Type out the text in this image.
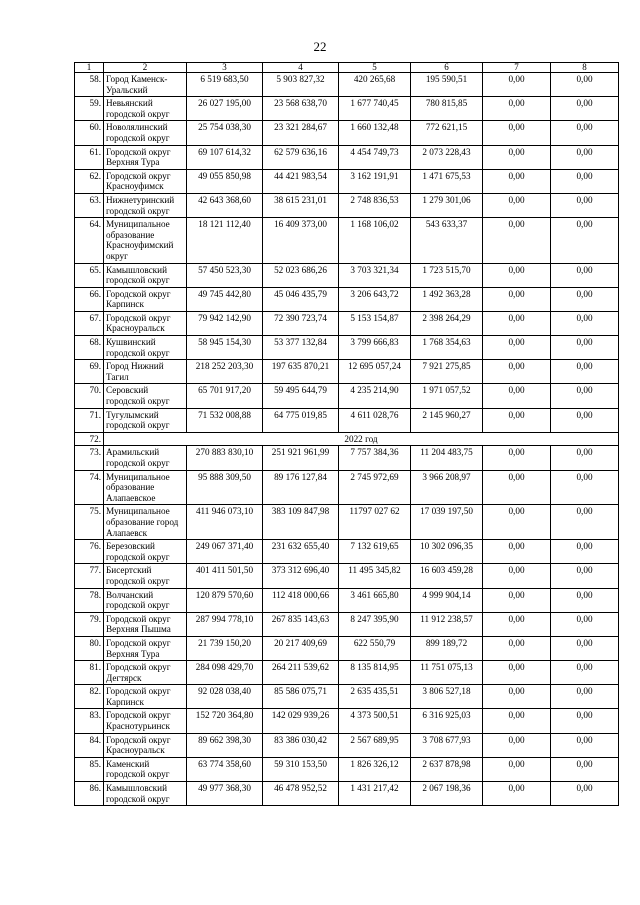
22
1	2	3	4	5	6	7	8
58.	Город Каменск-Уральский	6 519 683,50	5 903 827,32	420 265,68	195 590,51	0,00	0,00
59.	Невьянский городской округ	26 027 195,00	23 568 638,70	1 677 740,45	780 815,85	0,00	0,00
60.	Новолялинский городской округ	25 754 038,30	23 321 284,67	1 660 132,48	772 621,15	0,00	0,00
61.	Городской округ Верхняя Тура	69 107 614,32	62 579 636,16	4 454 749,73	2 073 228,43	0,00	0,00
62.	Городской округ Красноуфимск	49 055 850,98	44 421 983,54	3 162 191,91	1 471 675,53	0,00	0,00
63.	Нижнетуринский городской округ	42 643 368,60	38 615 231,01	2 748 836,53	1 279 301,06	0,00	0,00
64.	Муниципальное образование Красноуфимский округ	18 121 112,40	16 409 373,00	1 168 106,02	543 633,37	0,00	0,00
65.	Камышловский городской округ	57 450 523,30	52 023 686,26	3 703 321,34	1 723 515,70	0,00	0,00
66.	Городской округ Карпинск	49 745 442,80	45 046 435,79	3 206 643,72	1 492 363,28	0,00	0,00
67.	Городской округ Красноуральск	79 942 142,90	72 390 723,74	5 153 154,87	2 398 264,29	0,00	0,00
68.	Кушвинский городской округ	58 945 154,30	53 377 132,84	3 799 666,83	1 768 354,63	0,00	0,00
69.	Город Нижний Тагил	218 252 203,30	197 635 870,21	12 695 057,24	7 921 275,85	0,00	0,00
70.	Серовский городской округ	65 701 917,20	59 495 644,79	4 235 214,90	1 971 057,52	0,00	0,00
71.	Тугулымский городской округ	71 532 008,88	64 775 019,85	4 611 028,76	2 145 960,27	0,00	0,00
72.	2022 год						
73.	Арамильский городской округ	270 883 830,10	251 921 961,99	7 757 384,36	11 204 483,75	0,00	0,00
74.	Муниципальное образование Алапаевское	95 888 309,50	89 176 127,84	2 745 972,69	3 966 208,97	0,00	0,00
75.	Муниципальное образование город Алапаевск	411 946 073,10	383 109 847,98	11797 027 62	17 039 197,50	0,00	0,00
76.	Березовский городской округ	249 067 371,40	231 632 655,40	7 132 619,65	10 302 096,35	0,00	0,00
77.	Бисертский городской округ	401 411 501,50	373 312 696,40	11 495 345,82	16 603 459,28	0,00	0,00
78.	Волчанский городской округ	120 879 570,60	112 418 000,66	3 461 665,80	4 999 904,14	0,00	0,00
79.	Городской округ Верхняя Пышма	287 994 778,10	267 835 143,63	8 247 395,90	11 912 238,57	0,00	0,00
80.	Городской округ Верхняя Тура	21 739 150,20	20 217 409,69	622 550,79	899 189,72	0,00	0,00
81.	Городской округ Дегтярск	284 098 429,70	264 211 539,62	8 135 814,95	11 751 075,13	0,00	0,00
82.	Городской округ Карпинск	92 028 038,40	85 586 075,71	2 635 435,51	3 806 527,18	0,00	0,00
83.	Городской округ Краснотурьинск	152 720 364,80	142 029 939,26	4 373 500,51	6 316 925,03	0,00	0,00
84.	Городской округ Красноуральск	89 662 398,30	83 386 030,42	2 567 689,95	3 708 677,93	0,00	0,00
85.	Каменский городской округ	63 774 358,60	59 310 153,50	1 826 326,12	2 637 878,98	0,00	0,00
86.	Камышловский городской округ	49 977 368,30	46 478 952,52	1 431 217,42	2 067 198,36	0,00	0,00
